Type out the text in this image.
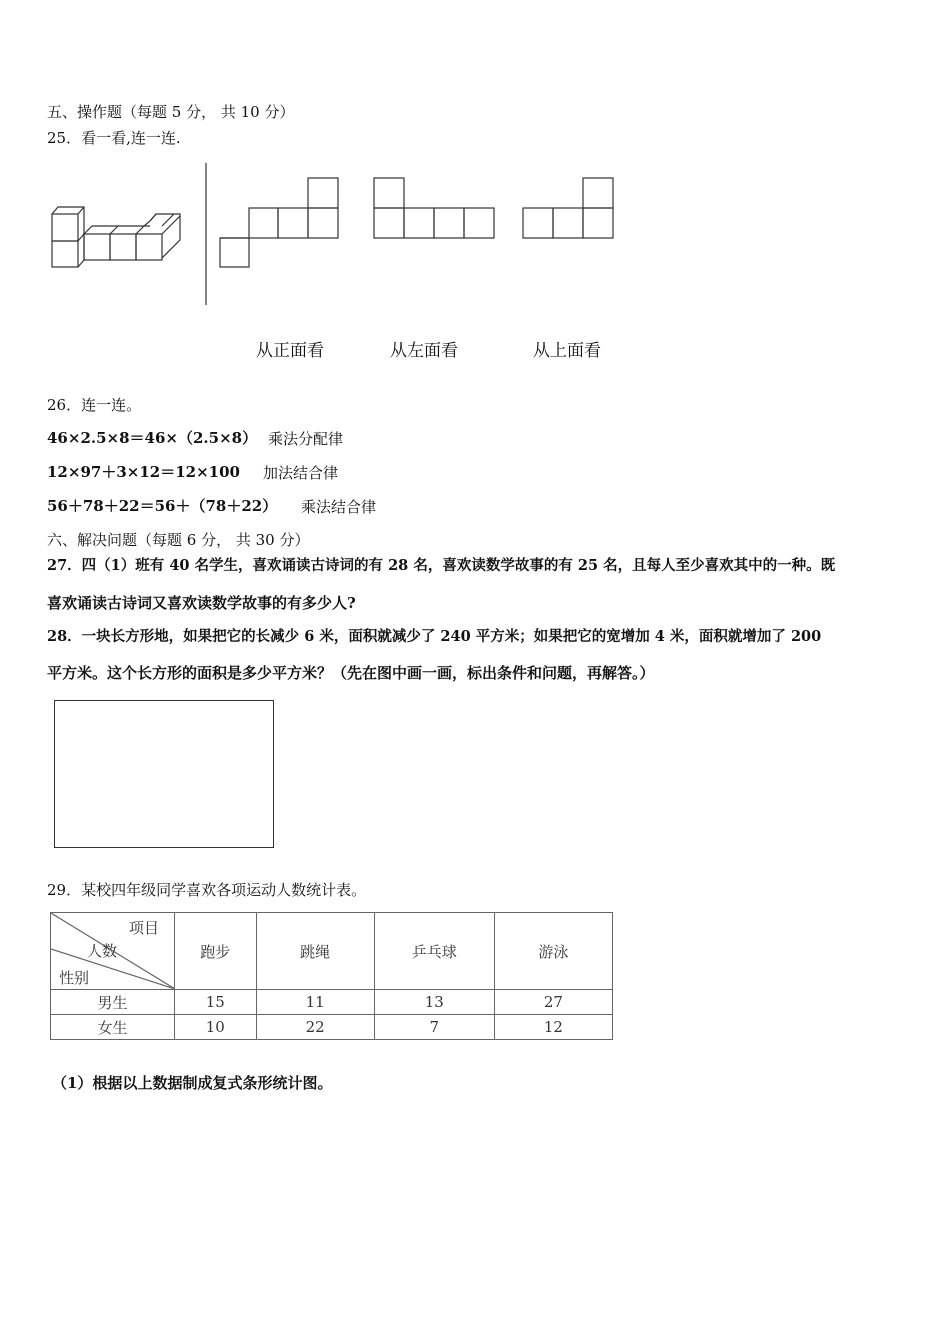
五、操作题（每题 5 分， 共 10 分）
25．看一看,连一连.
从正面看	从左面看	从上面看
26．连一连。
46×2.5×8＝46×（2.5×8） 乘法分配律
12×97＋3×12＝12×100 加法结合律
56＋78＋22＝56＋（78＋22） 乘法结合律
六、解决问题（每题 6 分， 共 30 分）
27．四（1）班有 40 名学生，喜欢诵读古诗词的有 28 名，喜欢读数学故事的有 25 名，且每人至少喜欢其中的一种。既
喜欢诵读古诗词又喜欢读数学故事的有多少人?
28．一块长方形地，如果把它的长减少 6 米，面积就减少了 240 平方米；如果把它的宽增加 4 米，面积就增加了 200
平方米。这个长方形的面积是多少平方米？（先在图中画一画，标出条件和问题，再解答。）
29．某校四年级同学喜欢各项运动人数统计表。
项目
人数
性别	跑步	跳绳	乒乓球	游泳
男生	15	11	13	27
女生	10	22	7	12
（1）根据以上数据制成复式条形统计图。
